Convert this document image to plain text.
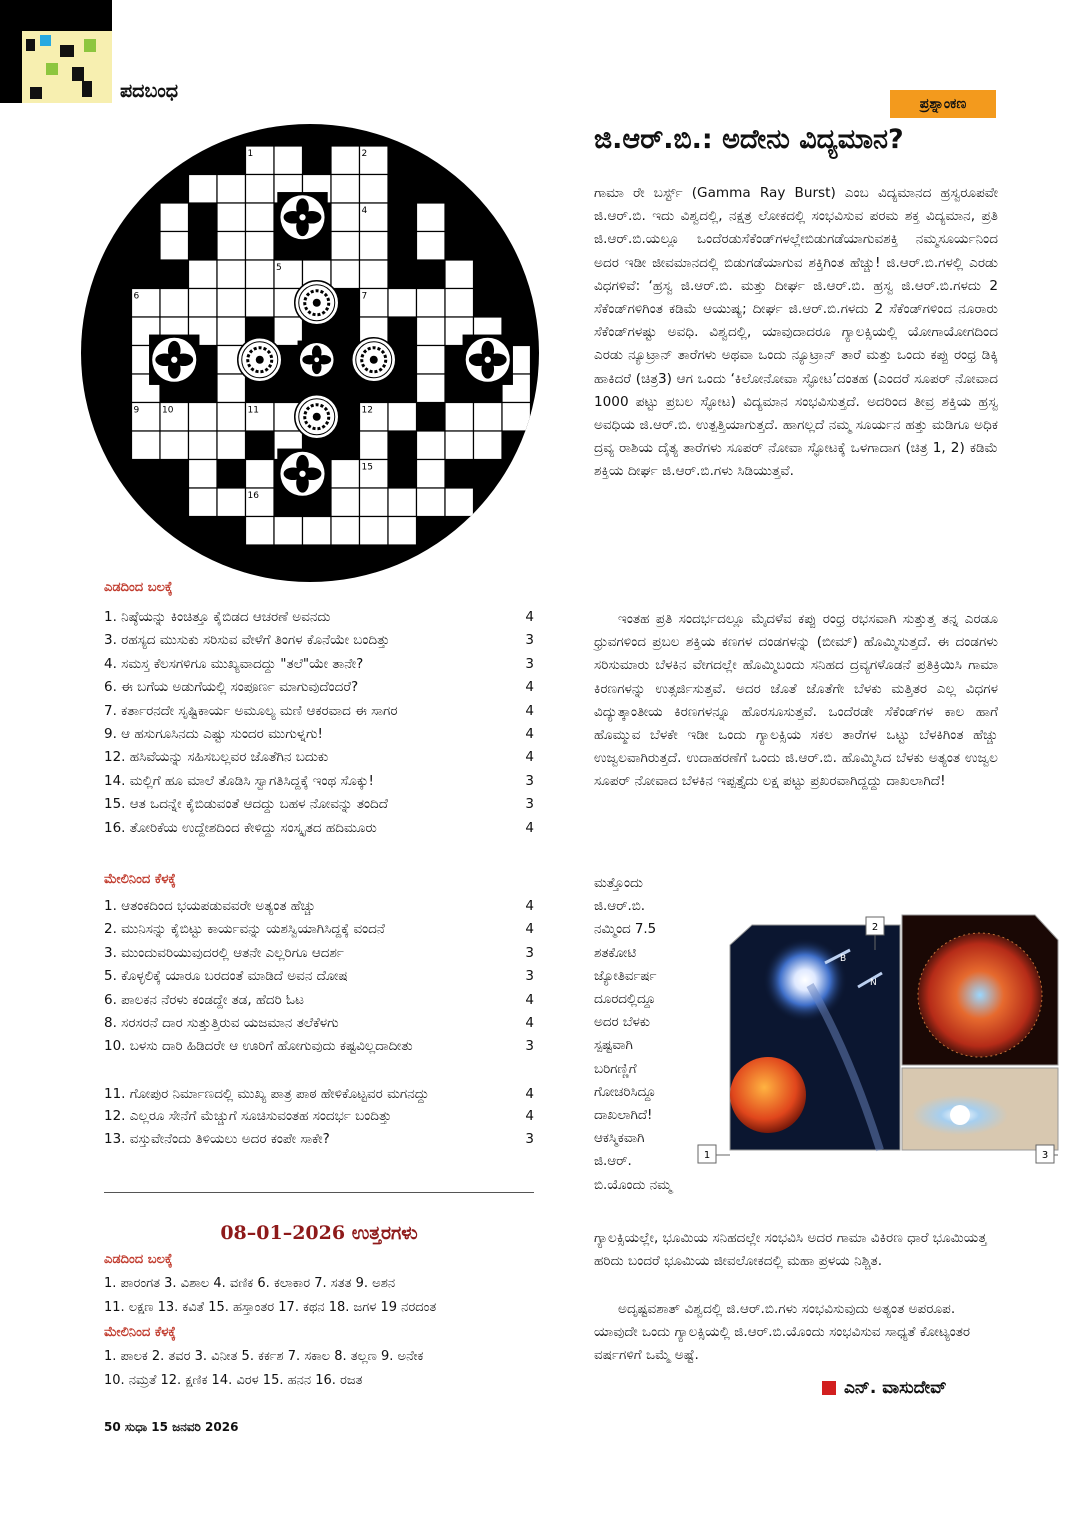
ಪದಬಂಧ
1	2
3	4
5
6	7	8
9	10	11	12	13
14	15
16
ಎಡದಿಂದ ಬಲಕ್ಕೆ
1. ನಿಷ್ಠೆಯನ್ನು ಕಿಂಚಿತ್ತೂ ಕೈಬಿಡದ ಆಚರಣೆ ಅವನದು	4
3. ರಹಸ್ಯದ ಮುಸುಕು ಸರಿಸುವ ವೇಳೆಗೆ ತಿಂಗಳ ಕೊನೆಯೇ ಬಂದಿತ್ತು	3
4. ಸಮಸ್ತ ಕೆಲಸಗಳಿಗೂ ಮುಖ್ಯವಾದದ್ದು "ತಲೆ"ಯೇ ತಾನೇ?	3
6. ಈ ಬಗೆಯ ಅಡುಗೆಯಲ್ಲಿ ಸಂಪೂರ್ಣ ಮಾಗುವುದೆಂದರೆ?	4
7. ಕರ್ತಾರನದೇ ಸೃಷ್ಟಿಕಾರ್ಯ ಅಮೂಲ್ಯ ಮಣಿ ಆಕರವಾದ ಈ ಸಾಗರ	4
9. ಆ ಹಸುಗೂಸಿನದು ಎಷ್ಟು ಸುಂದರ ಮುಗುಳ್ನಗು!	4
12. ಹಸಿವೆಯನ್ನು ಸಹಿಸಬಲ್ಲವರ ಜೊತೆಗಿನ ಬದುಕು	4
14. ಮಲ್ಲಿಗೆ ಹೂ ಮಾಲೆ ತೊಡಿಸಿ ಸ್ವಾಗತಿಸಿದ್ದಕ್ಕೆ ಇಂಥ ಸೊಕ್ಕು!	3
15. ಆತ ಒದನ್ನೇ ಕೈಬಿಡುವಂತೆ ಆದದ್ದು ಬಹಳ ನೋವನ್ನು ತಂದಿದೆ	3
16. ತೋರಿಕೆಯ ಉದ್ದೇಶದಿಂದ ಕೇಳಿದ್ದು ಸಂಸ್ಕೃತದ ಹದಿಮೂರು	4
ಮೇಲಿನಿಂದ ಕೆಳಕ್ಕೆ
1. ಆತಂಕದಿಂದ ಭಯಪಡುವವರೇ ಅತ್ಯಂತ ಹೆಚ್ಚು	4
2. ಮುನಿಸನ್ನು ಕೈಬಿಟ್ಟು ಕಾರ್ಯವನ್ನು ಯಶಸ್ವಿಯಾಗಿಸಿದ್ದಕ್ಕೆ ವಂದನೆ	4
3. ಮುಂದುವರಿಯುವುದರಲ್ಲಿ ಆತನೇ ಎಲ್ಲರಿಗೂ ಆದರ್ಶ	3
5. ಕೊಳ್ಳಲಿಕ್ಕೆ ಯಾರೂ ಬರದಂತೆ ಮಾಡಿದೆ ಅವನ ದೋಷ	3
6. ಪಾಲಕನ ನೆರಳು ಕಂಡದ್ದೇ ತಡ, ಹೆದರಿ ಓಟ	4
8. ಸರಸರನೆ ದಾರ ಸುತ್ತುತ್ತಿರುವ ಯಜಮಾನ ತಲೆಕೆಳಗು	4
10. ಬಳಸು ದಾರಿ ಹಿಡಿದರೇ ಆ ಊರಿಗೆ ಹೋಗುವುದು ಕಷ್ಟವಿಲ್ಲದಾದೀತು	3
11. ಗೋಪುರ ನಿರ್ಮಾಣದಲ್ಲಿ ಮುಖ್ಯ ಪಾತ್ರ ಪಾಠ ಹೇಳಿಕೊಟ್ಟವರ ಮಗನದ್ದು	4
12. ಎಲ್ಲರೂ ಸೇನೆಗೆ ಮೆಚ್ಚುಗೆ ಸೂಚಿಸುವಂತಹ ಸಂದರ್ಭ ಬಂದಿತ್ತು	4
13. ವಸ್ತುವೇನೆಂದು ತಿಳಿಯಲು ಅದರ ಕಂಪೇ ಸಾಕೇ?	3
08–01–2026 ಉತ್ತರಗಳು
ಎಡದಿಂದ ಬಲಕ್ಕೆ
1. ಪಾರಂಗತ 3. ವಿಶಾಲ 4. ವಣಿಕ 6. ಕಲಾಕಾರ 7. ಸತತ 9. ಅಶನ
11. ಲಕ್ಷಣ 13. ಕವಿತೆ 15. ಹಸ್ತಾಂತರ 17. ಕಥನ 18. ಜಗಳ 19 ನರದಂತ
ಮೇಲಿನಿಂದ ಕೆಳಕ್ಕೆ
1. ಪಾಲಕ 2. ತವರ 3. ವಿನೀತ 5. ಕರ್ಕಶ 7. ಸಕಾಲ 8. ತಲ್ಲಣ 9. ಅನೇಕ
10. ನಮ್ರತೆ 12. ಕ್ಷಣಿಕ 14. ವಿರಳ 15. ಹನನ 16. ರಜತ
50 ಸುಧಾ 15 ಜನವರಿ 2026
ಪ್ರಶ್ನಾಂಕಣ
ಜಿ.ಆರ್‌.ಬಿ.: ಅದೇನು ವಿದ್ಯಮಾನ?
ಗಾಮಾ ರೇ ಬರ್ಸ್ಟ್ (Gamma Ray Burst) ಎಂಬ ವಿದ್ಯಮಾನದ ಹ್ರಸ್ವರೂಪವೇ ಜಿ.ಆರ್.ಬಿ. ಇದು ವಿಶ್ವದಲ್ಲಿ, ನಕ್ಷತ್ರ ಲೋಕದಲ್ಲಿ ಸಂಭವಿಸುವ ಪರಮ ಶಕ್ತ ವಿದ್ಯಮಾನ, ಪ್ರತಿ ಜಿ.ಆರ್.ಬಿ.ಯಲ್ಲೂ ಒಂದೆರಡುಸೆಕೆಂಡ್‌ಗಳಲ್ಲೇಬಿಡುಗಡೆಯಾಗುವಶಕ್ತಿ ನಮ್ಮಸೂರ್ಯನಿಂದ ಅದರ ಇಡೀ ಜೀವಮಾನದಲ್ಲಿ ಬಿಡುಗಡೆಯಾಗುವ ಶಕ್ತಿಗಿಂತ ಹೆಚ್ಚು! ಜಿ.ಆರ್.ಬಿ.ಗಳಲ್ಲಿ ಎರಡು ವಿಧಗಳಿವೆ: ‘ಹ್ರಸ್ವ ಜಿ.ಆರ್.ಬಿ. ಮತ್ತು ದೀರ್ಘ ಜಿ.ಆರ್.ಬಿ. ಹ್ರಸ್ವ ಜಿ.ಆರ್.ಬಿ.ಗಳದು 2 ಸೆಕೆಂಡ್‌ಗಳಿಗಿಂತ ಕಡಿಮೆ ಆಯುಷ್ಯ; ದೀರ್ಘ ಜಿ.ಆರ್.ಬಿ.ಗಳದು 2 ಸೆಕೆಂಡ್‌ಗಳಿಂದ ನೂರಾರು ಸೆಕೆಂಡ್‌ಗಳಷ್ಟು ಅವಧಿ. ವಿಶ್ವದಲ್ಲಿ, ಯಾವುದಾದರೂ ಗ್ಯಾಲಕ್ಸಿಯಲ್ಲಿ ಯೋಗಾಯೋಗದಿಂದ ಎರಡು ನ್ಯೂಟ್ರಾನ್ ತಾರೆಗಳು ಅಥವಾ ಒಂದು ನ್ಯೂಟ್ರಾನ್ ತಾರೆ ಮತ್ತು ಒಂದು ಕಪ್ಪು ರಂಧ್ರ ಡಿಕ್ಕಿ ಹಾಕಿದರೆ (ಚಿತ್ರ3) ಆಗ ಒಂದು ‘ಕಿಲೋನೋವಾ ಸ್ಫೋಟ’ದಂತಹ (ಎಂದರೆ ಸೂಪರ್ ನೋವಾದ 1000 ಪಟ್ಟು ಪ್ರಬಲ ಸ್ಫೋಟ) ವಿದ್ಯಮಾನ ಸಂಭವಿಸುತ್ತದೆ. ಅದರಿಂದ ತೀವ್ರ ಶಕ್ತಿಯ ಹ್ರಸ್ವ ಅವಧಿಯ ಜಿ.ಆರ್.ಬಿ. ಉತ್ಪತ್ತಿಯಾಗುತ್ತದೆ. ಹಾಗಲ್ಲದೆ ನಮ್ಮ ಸೂರ್ಯನ ಹತ್ತು ಮಡಿಗೂ ಅಧಿಕ ದ್ರವ್ಯ ರಾಶಿಯ ದೈತ್ಯ ತಾರೆಗಳು ಸೂಪರ್ ನೋವಾ ಸ್ಫೋಟಕ್ಕೆ ಒಳಗಾದಾಗ (ಚಿತ್ರ 1, 2) ಕಡಿಮೆ ಶಕ್ತಿಯ ದೀರ್ಘ ಜಿ.ಆರ್.ಬಿ.ಗಳು ಸಿಡಿಯುತ್ತವೆ.
ಇಂತಹ ಪ್ರತಿ ಸಂದರ್ಭದಲ್ಲೂ ಮೈದಳೆವ ಕಪ್ಪು ರಂಧ್ರ ರಭಸವಾಗಿ ಸುತ್ತುತ್ತ ತನ್ನ ಎರಡೂ ಧ್ರುವಗಳಿಂದ ಪ್ರಬಲ ಶಕ್ತಿಯ ಕಣಗಳ ದಂಡಗಳನ್ನು (ಬೀಮ್) ಹೊಮ್ಮಿಸುತ್ತದೆ. ಈ ದಂಡಗಳು ಸರಿಸುಮಾರು ಬೆಳಕಿನ ವೇಗದಲ್ಲೇ ಹೊಮ್ಮಿಬಂದು ಸನಿಹದ ದ್ರವ್ಯಗಳೊಡನೆ ಪ್ರತಿಕ್ರಿಯಿಸಿ ಗಾಮಾ ಕಿರಣಗಳನ್ನು ಉತ್ಸರ್ಜಿಸುತ್ತವೆ. ಅದರ ಜೊತೆ ಜೊತೆಗೇ ಬೆಳಕು ಮತ್ತಿತರ ಎಲ್ಲ ವಿಧಗಳ ವಿದ್ಯುತ್ಕಾಂತೀಯ ಕಿರಣಗಳನ್ನೂ ಹೊರಸೂಸುತ್ತವೆ. ಒಂದೆರಡೇ ಸೆಕೆಂಡ್‌ಗಳ ಕಾಲ ಹಾಗೆ ಹೊಮ್ಮುವ ಬೆಳಕೇ ಇಡೀ ಒಂದು ಗ್ಯಾಲಕ್ಸಿಯ ಸಕಲ ತಾರೆಗಳ ಒಟ್ಟು ಬೆಳಕಿಗಿಂತ ಹೆಚ್ಚು ಉಜ್ವಲವಾಗಿರುತ್ತದೆ. ಉದಾಹರಣೆಗೆ ಒಂದು ಜಿ.ಆರ್.ಬಿ. ಹೊಮ್ಮಿಸಿದ ಬೆಳಕು ಅತ್ಯಂತ ಉಜ್ವಲ ಸೂಪರ್ ನೋವಾದ ಬೆಳಕಿನ ಇಪ್ಪತ್ತೈದು ಲಕ್ಷ ಪಟ್ಟು ಪ್ರಖರವಾಗಿದ್ದದ್ದು ದಾಖಲಾಗಿದೆ!
ಮತ್ತೊಂದು ಜಿ.ಆರ್.ಬಿ. ನಮ್ಮಿಂದ 7.5 ಶತಕೋಟಿ ಜ್ಯೋತಿರ್ವರ್ಷ ದೂರದಲ್ಲಿದ್ದೂ ಅದರ ಬೆಳಕು ಸ್ಪಷ್ಟವಾಗಿ ಬರಿಗಣ್ಣಿಗೆ ಗೋಚರಿಸಿದ್ದೂ ದಾಖಲಾಗಿದೆ! ಆಕಸ್ಮಿಕವಾಗಿ ಜಿ.ಆರ್. ಬಿ.ಯೊಂದು ನಮ್ಮ
ಗ್ಯಾಲಕ್ಸಿಯಲ್ಲೇ, ಭೂಮಿಯ ಸನಿಹದಲ್ಲೇ ಸಂಭವಿಸಿ ಅದರ ಗಾಮಾ ವಿಕಿರಣ ಧಾರೆ ಭೂಮಿಯತ್ತ ಹರಿದು ಬಂದರೆ ಭೂಮಿಯ ಜೀವಲೋಕದಲ್ಲಿ ಮಹಾ ಪ್ರಳಯ ನಿಶ್ಚಿತ.
ಅದೃಷ್ಟವಶಾತ್ ವಿಶ್ವದಲ್ಲಿ ಜಿ.ಆರ್.ಬಿ.ಗಳು ಸಂಭವಿಸುವುದು ಅತ್ಯಂತ ಅಪರೂಪ. ಯಾವುದೇ ಒಂದು ಗ್ಯಾಲಕ್ಸಿಯಲ್ಲಿ ಜಿ.ಆರ್.ಬಿ.ಯೊಂದು ಸಂಭವಿಸುವ ಸಾಧ್ಯತೆ ಕೋಟ್ಯಂತರ ವರ್ಷಗಳಿಗೆ ಒಮ್ಮೆ ಅಷ್ಟೆ.
B
N
1
2
3
ಎನ್. ವಾಸುದೇವ್
